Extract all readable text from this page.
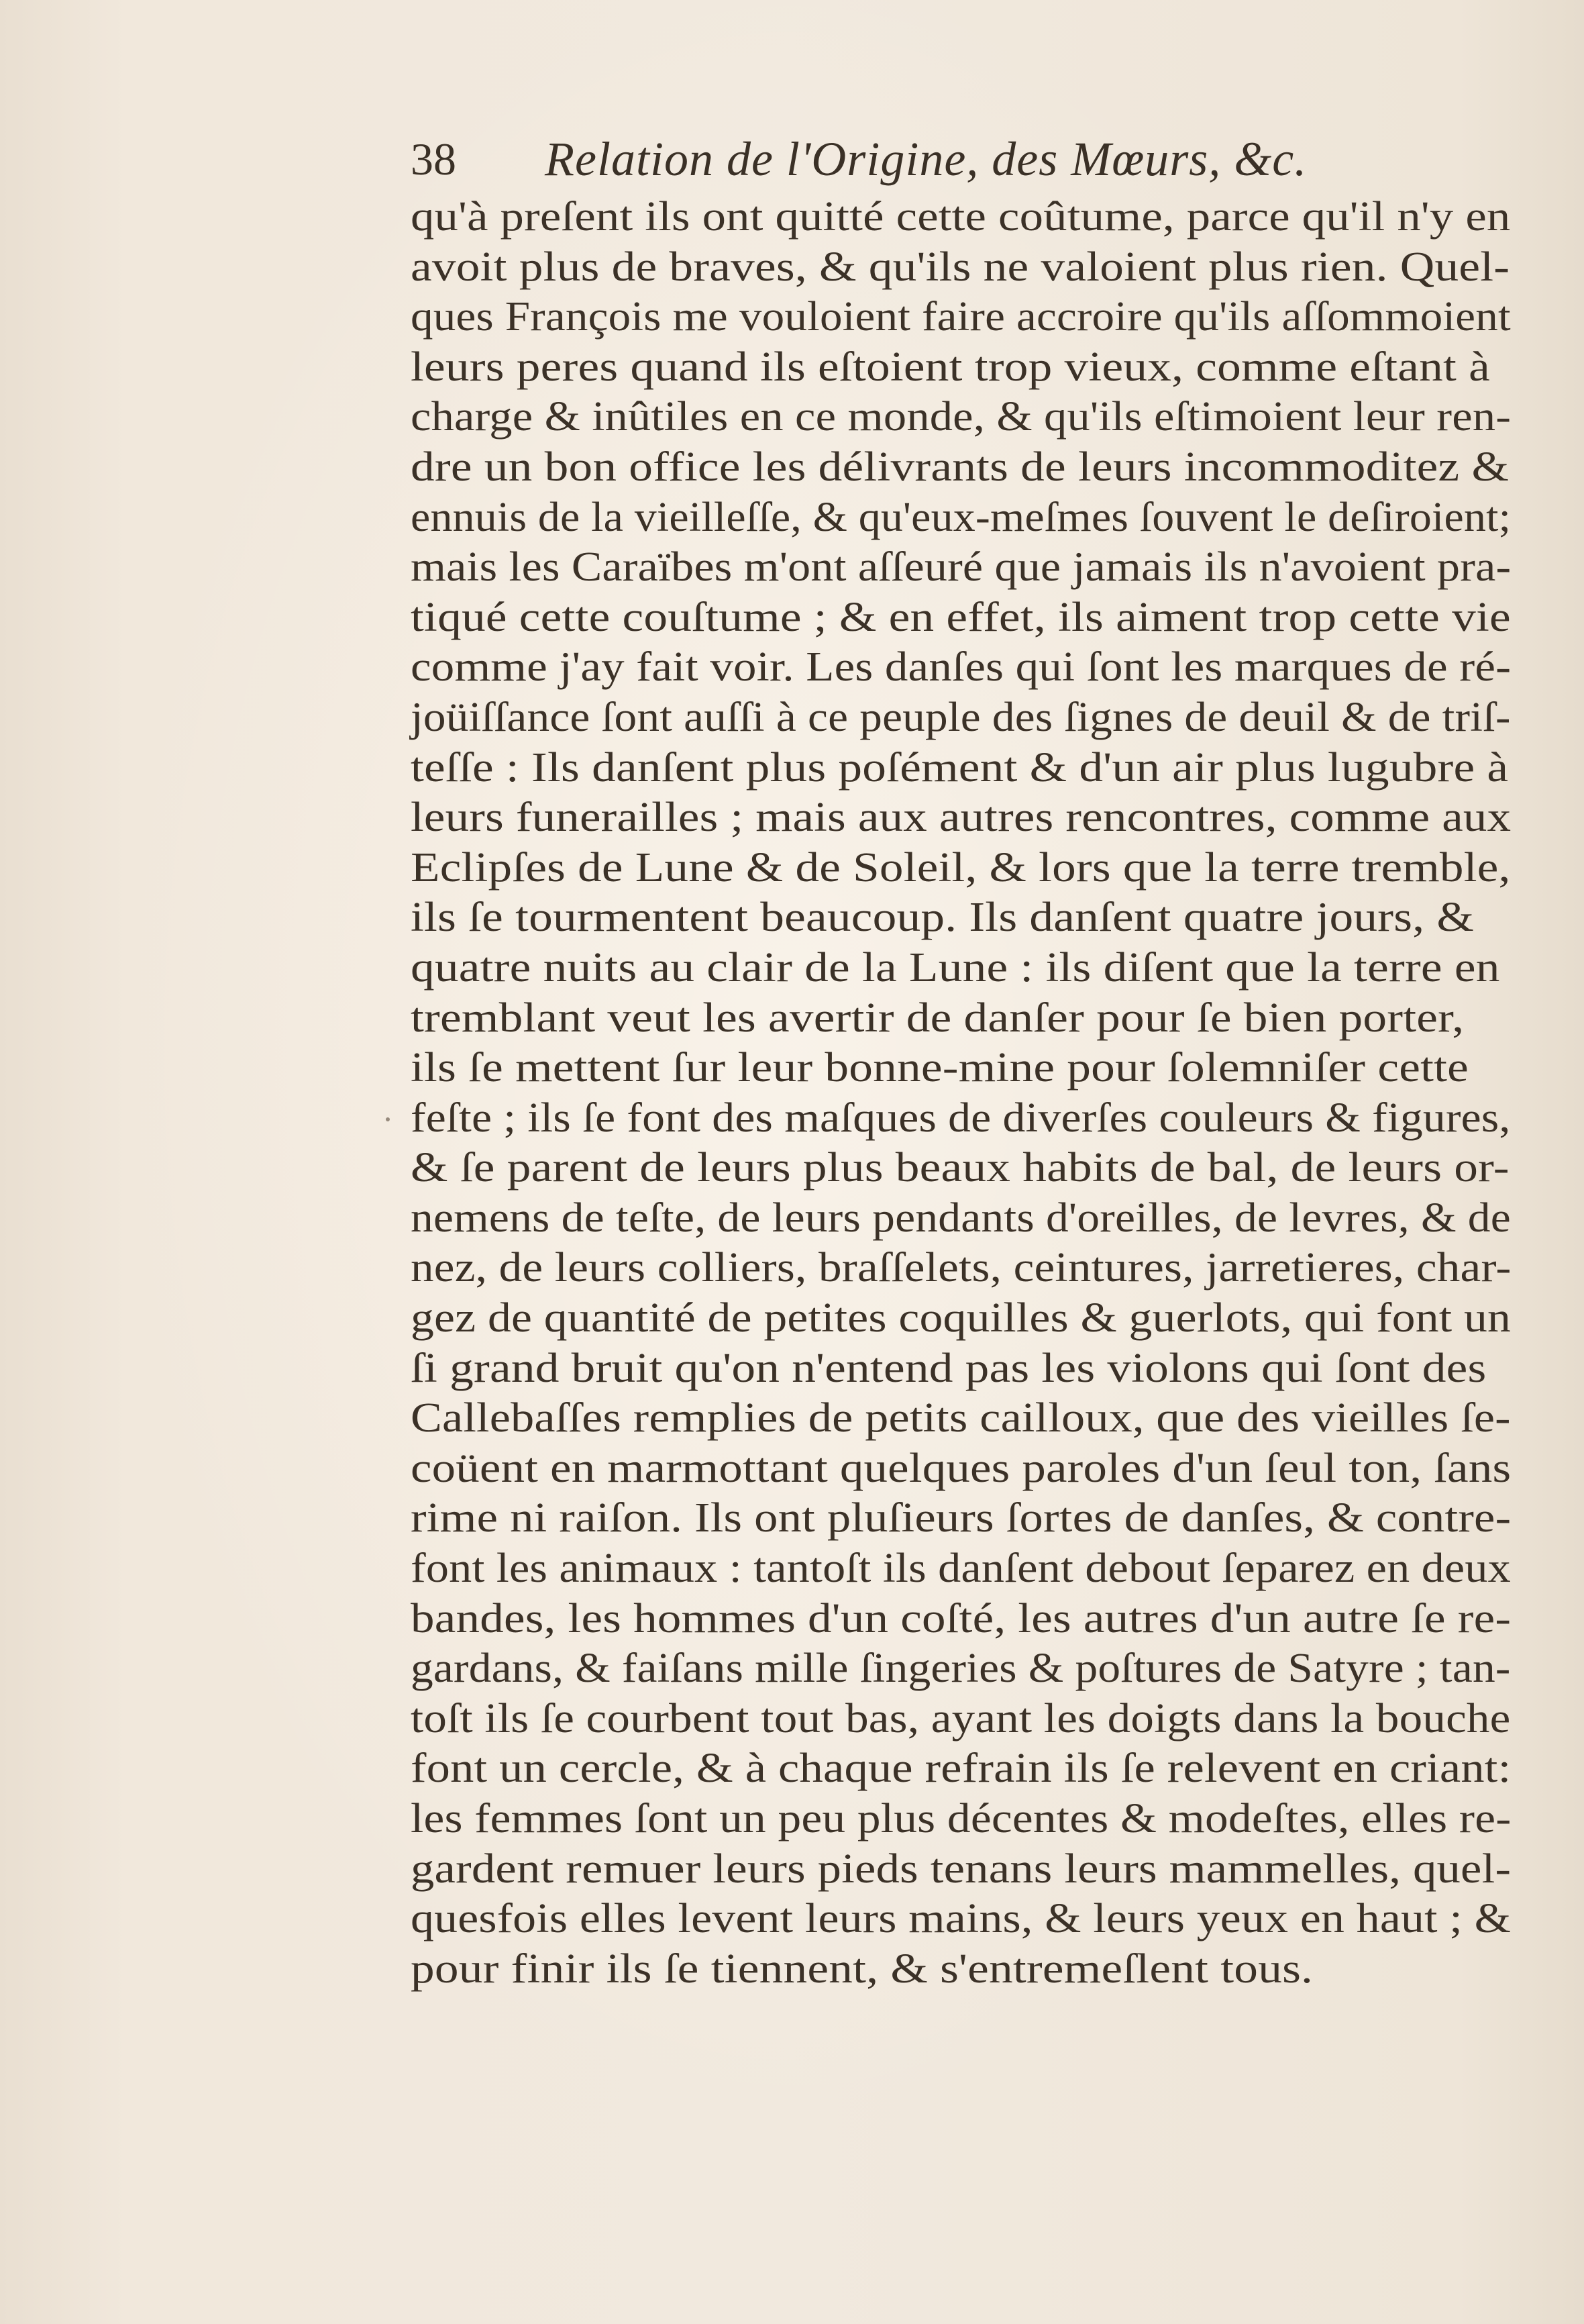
38 Relation de l'Origine, des Mœurs, &c.
qu'à preſent ils ont quitté cette coûtume, parce qu'il n'y en
avoit plus de braves, & qu'ils ne valoient plus rien. Quel-
ques François me vouloient faire accroire qu'ils aſſommoient
leurs peres quand ils eſtoient trop vieux, comme eſtant à
charge & inûtiles en ce monde, & qu'ils eſtimoient leur ren-
dre un bon office les délivrants de leurs incommoditez &
ennuis de la vieilleſſe, & qu'eux-meſmes ſouvent le deſiroient;
mais les Caraïbes m'ont aſſeuré que jamais ils n'avoient pra-
tiqué cette couſtume ; & en effet, ils aiment trop cette vie
comme j'ay fait voir. Les danſes qui ſont les marques de ré-
joüiſſance ſont auſſi à ce peuple des ſignes de deuil & de triſ-
teſſe : Ils danſent plus poſément & d'un air plus lugubre à
leurs funerailles ; mais aux autres rencontres, comme aux
Eclipſes de Lune & de Soleil, & lors que la terre tremble,
ils ſe tourmentent beaucoup. Ils danſent quatre jours, &
quatre nuits au clair de la Lune : ils diſent que la terre en
tremblant veut les avertir de danſer pour ſe bien porter,
ils ſe mettent ſur leur bonne-mine pour ſolemniſer cette
feſte ; ils ſe font des maſques de diverſes couleurs & figures,
& ſe parent de leurs plus beaux habits de bal, de leurs or-
nemens de teſte, de leurs pendants d'oreilles, de levres, & de
nez, de leurs colliers, braſſelets, ceintures, jarretieres, char-
gez de quantité de petites coquilles & guerlots, qui font un
ſi grand bruit qu'on n'entend pas les violons qui ſont des
Callebaſſes remplies de petits cailloux, que des vieilles ſe-
coüent en marmottant quelques paroles d'un ſeul ton, ſans
rime ni raiſon. Ils ont pluſieurs ſortes de danſes, & contre-
font les animaux : tantoſt ils danſent debout ſeparez en deux
bandes, les hommes d'un coſté, les autres d'un autre ſe re-
gardans, & faiſans mille ſingeries & poſtures de Satyre ; tan-
toſt ils ſe courbent tout bas, ayant les doigts dans la bouche
font un cercle, & à chaque refrain ils ſe relevent en criant:
les femmes ſont un peu plus décentes & modeſtes, elles re-
gardent remuer leurs pieds tenans leurs mammelles, quel-
quesfois elles levent leurs mains, & leurs yeux en haut ; &
pour finir ils ſe tiennent, & s'entremeſlent tous.
